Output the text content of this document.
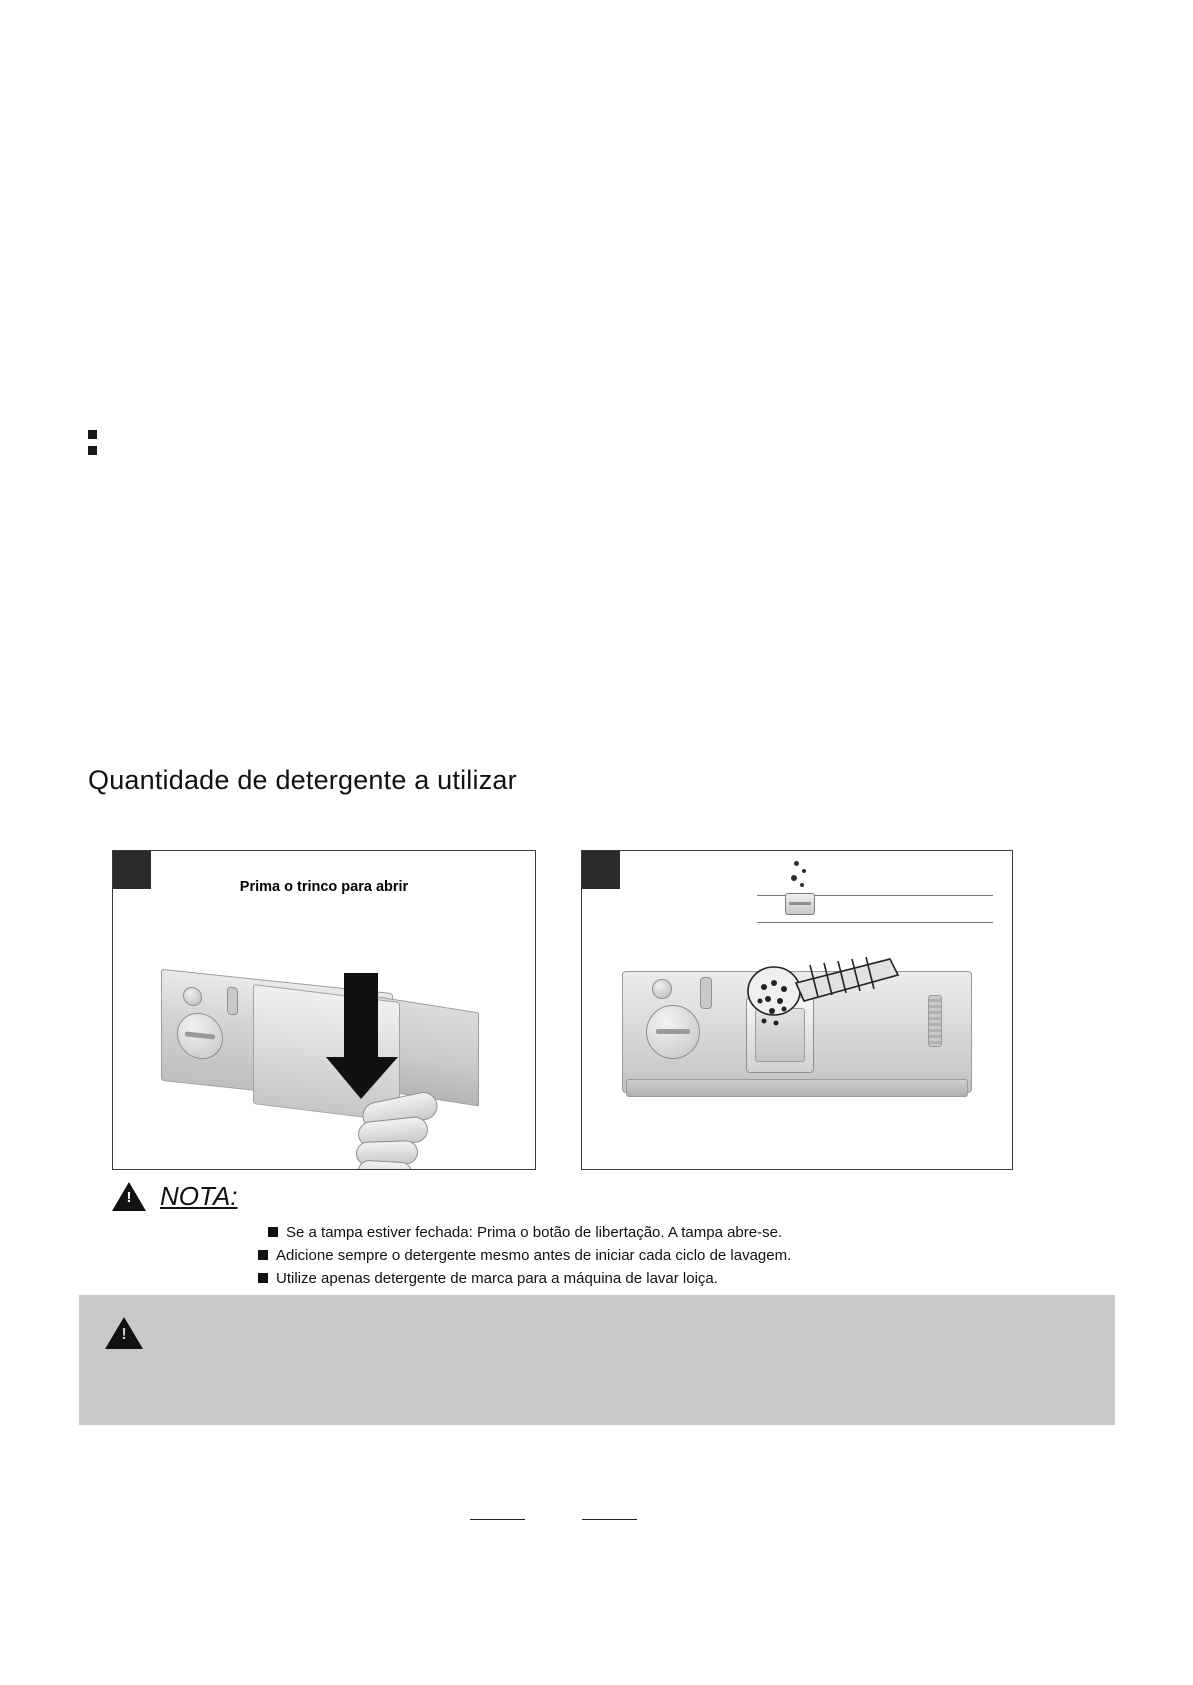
Quantidade de detergente a utilizar
Prima o trinco para abrir
!
NOTA:
Se a tampa estiver fechada: Prima o botão de libertação. A tampa abre-se.
Adicione sempre o detergente mesmo antes de iniciar cada ciclo de lavagem.
Utilize apenas detergente de marca para a máquina de lavar loiça.
!
